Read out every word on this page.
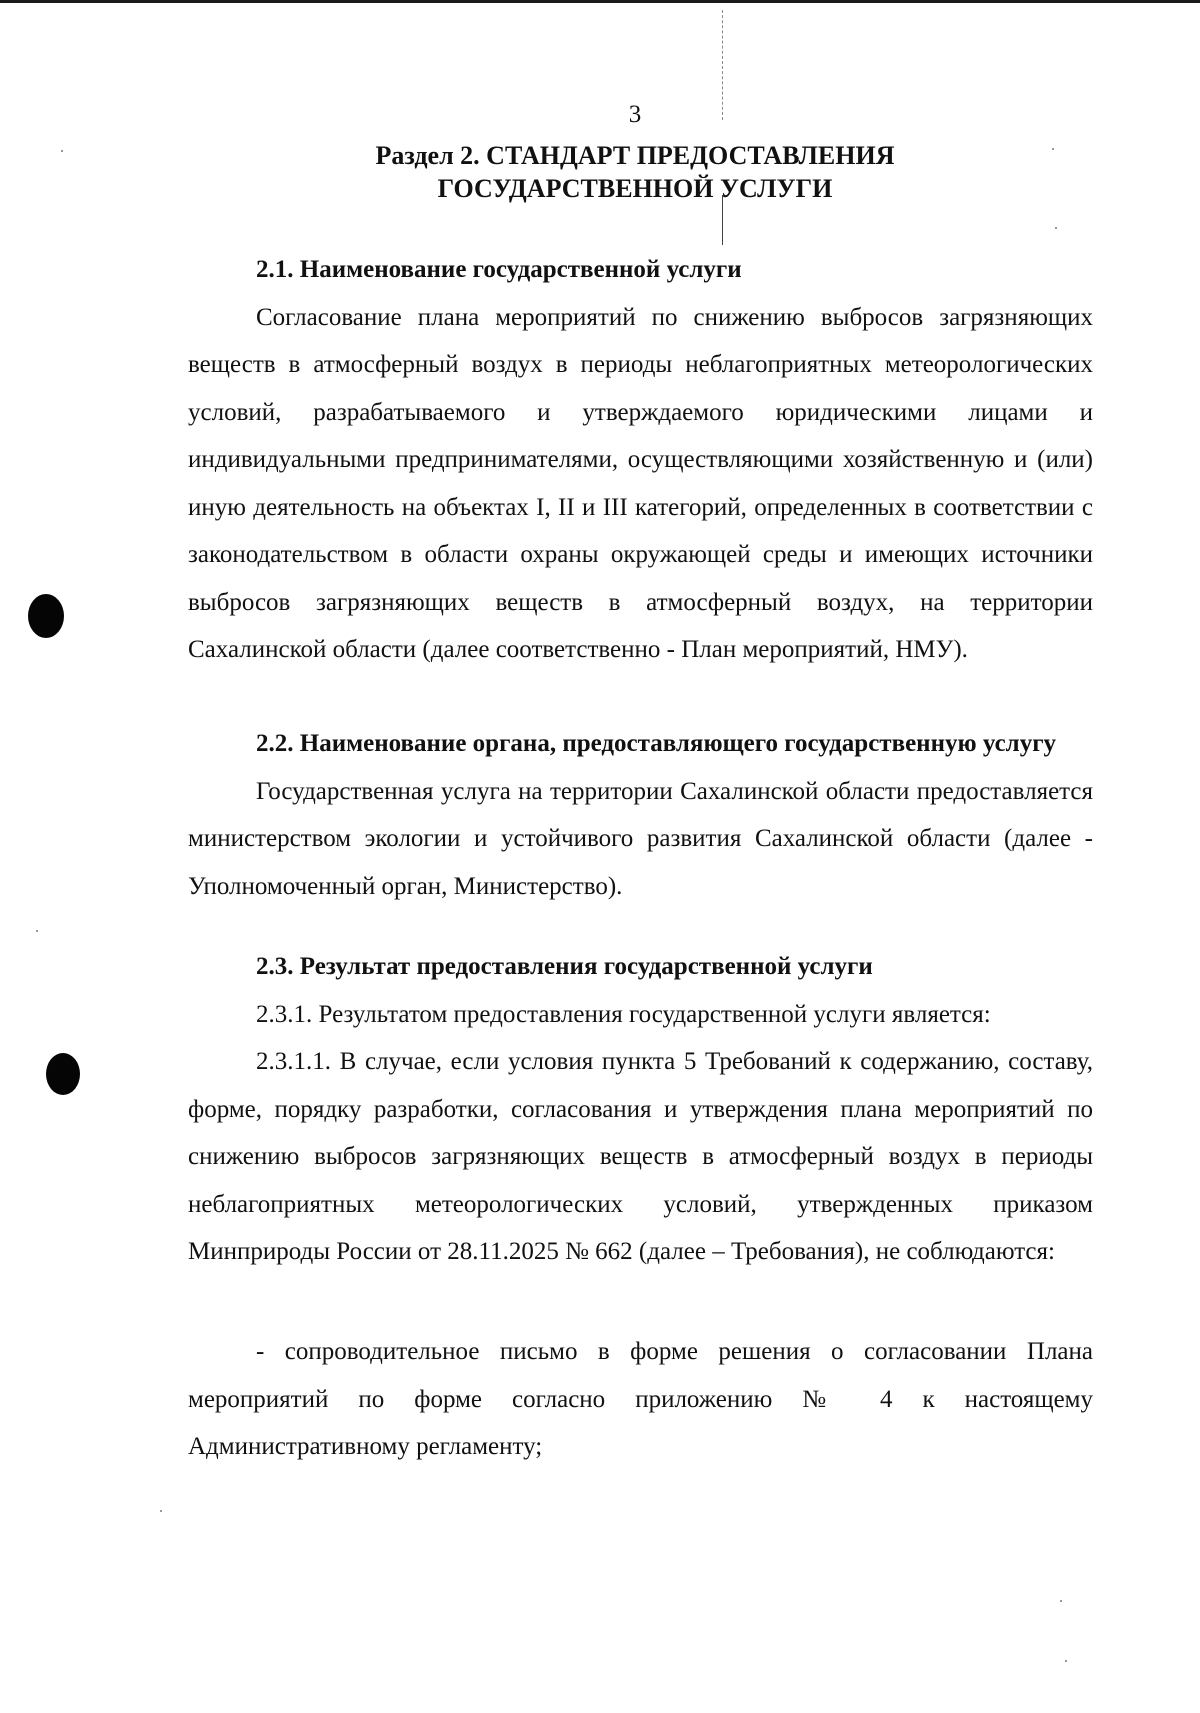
3
Раздел 2. СТАНДАРТ ПРЕДОСТАВЛЕНИЯ
ГОСУДАРСТВЕННОЙ УСЛУГИ

2.1. Наименование государственной услуги

Согласование плана мероприятий по снижению выбросов загрязняющих веществ в атмосферный воздух в периоды неблагоприятных метеорологических условий, разрабатываемого и утверждаемого юридическими лицами и индивидуальными предпринимателями, осуществляющими хозяйственную и (или) иную деятельность на объектах I, II и III категорий, определенных в соответствии с законодательством в области охраны окружающей среды и имеющих источники выбросов загрязняющих веществ в атмосферный воздух, на территории Сахалинской области (далее соответственно - План мероприятий, НМУ).

2.2. Наименование органа, предоставляющего государственную услугу

Государственная услуга на территории Сахалинской области предоставляется министерством экологии и устойчивого развития Сахалинской области (далее - Уполномоченный орган, Министерство).

2.3. Результат предоставления государственной услуги

2.3.1. Результатом предоставления государственной услуги является:

2.3.1.1. В случае, если условия пункта 5 Требований к содержанию, составу, форме, порядку разработки, согласования и утверждения плана мероприятий по снижению выбросов загрязняющих веществ в атмосферный воздух в периоды неблагоприятных метеорологических условий, утвержденных приказом Минприроды России от 28.11.2025 № 662 (далее – Требования), не соблюдаются:

- сопроводительное письмо в форме решения о согласовании Плана мероприятий по форме согласно приложению № 4 к настоящему Административному регламенту;
